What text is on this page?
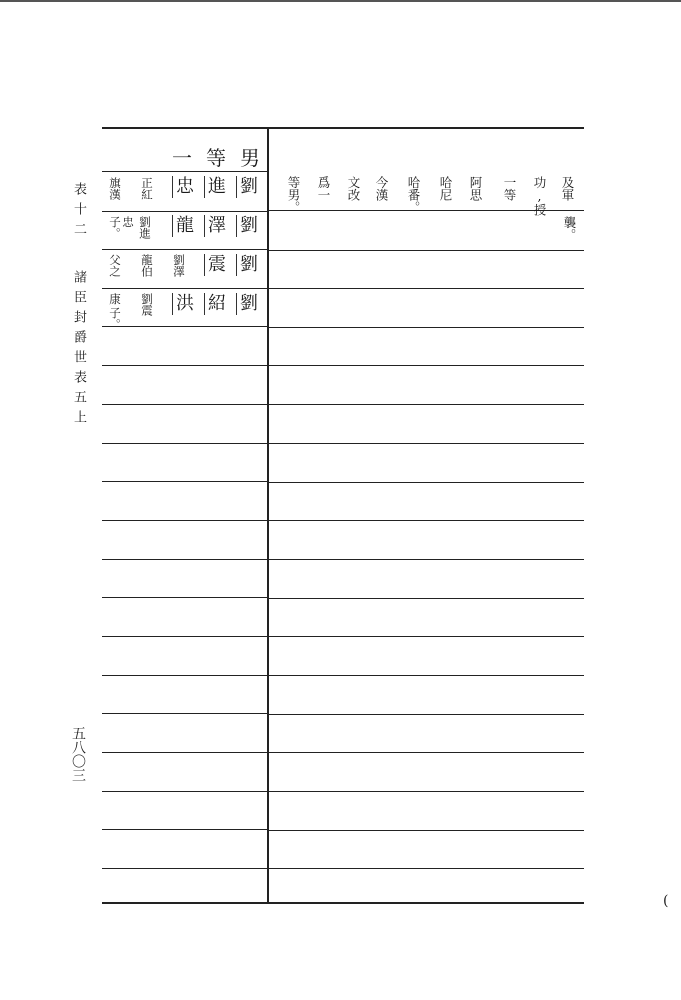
表十二諸臣封爵世表五上
五八〇三
一等男
旗漢 正紅
忠子。	劉進
父之 龍伯 劉澤
康
子。
劉震
劉
進
忠
劉
澤
龍
劉
震
劉
紹
洪
及軍
功,授
一等
阿思
哈尼
哈番。
今漢
文改
爲一
等男。
襲。
(
